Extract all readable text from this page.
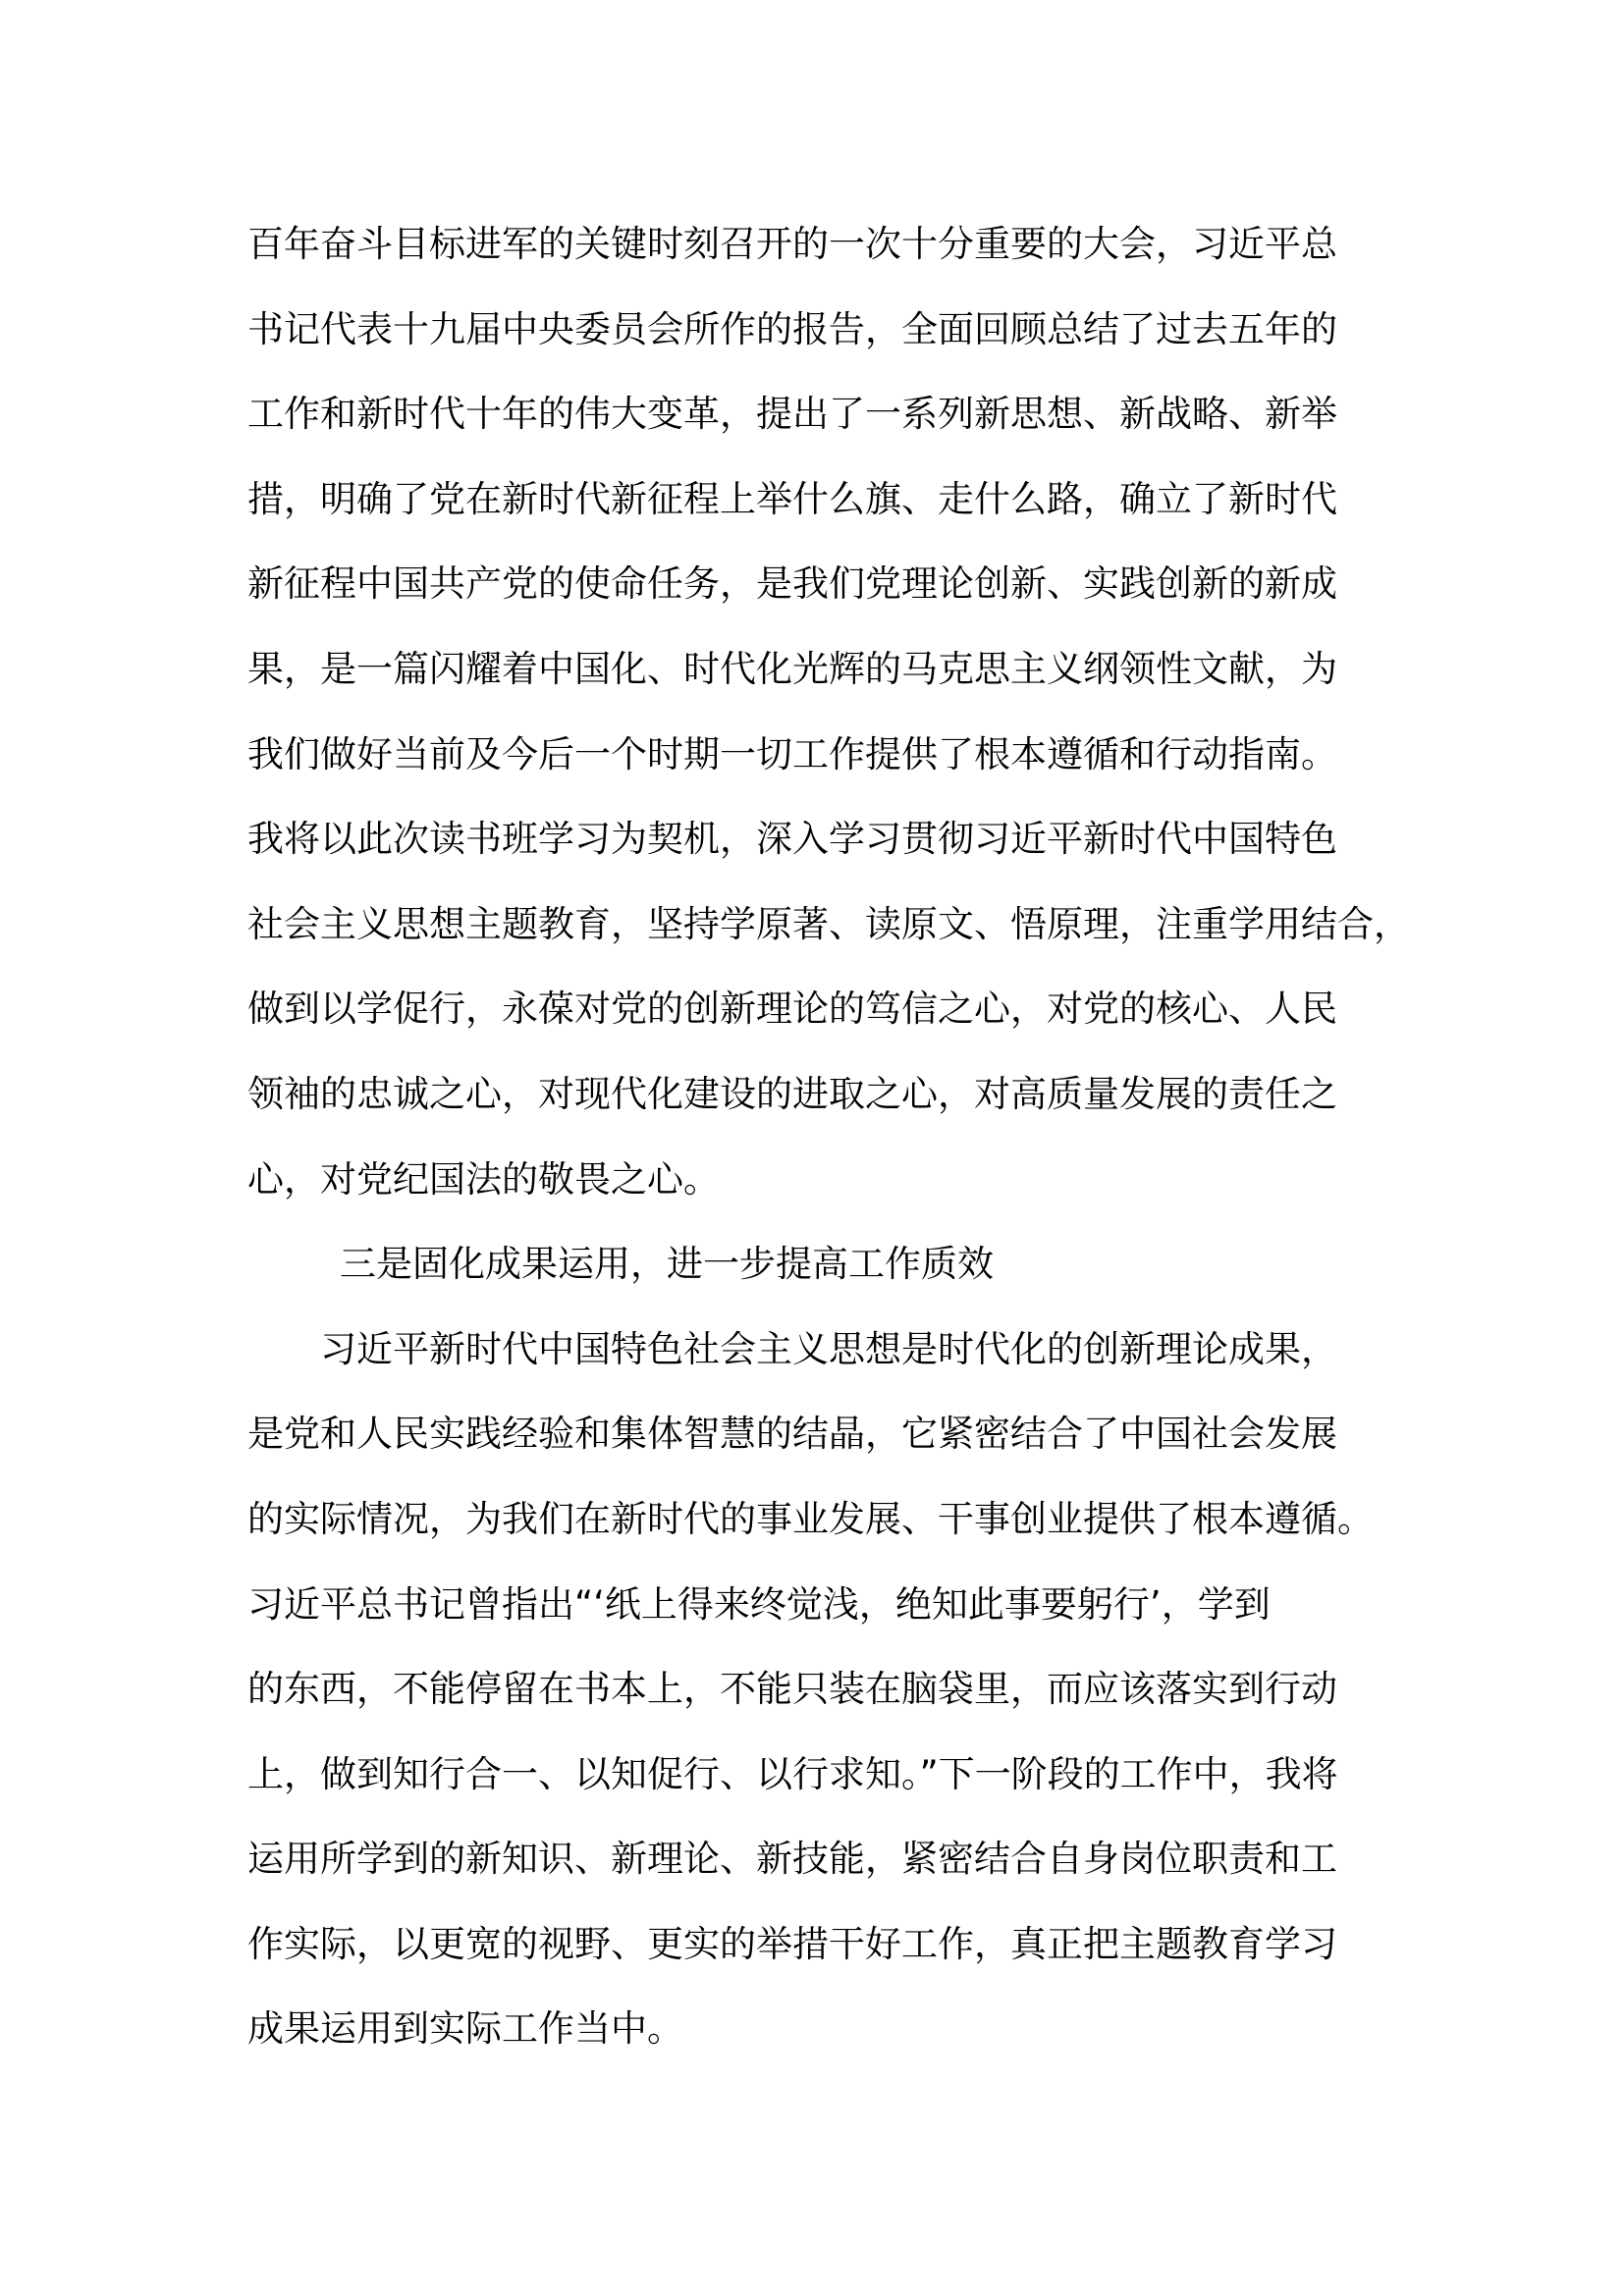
百年奋斗目标进军的关键时刻召开的一次十分重要的大会，习近平总
书记代表十九届中央委员会所作的报告，全面回顾总结了过去五年的
工作和新时代十年的伟大变革，提出了一系列新思想、新战略、新举
措，明确了党在新时代新征程上举什么旗、走什么路，确立了新时代
新征程中国共产党的使命任务，是我们党理论创新、实践创新的新成
果，是一篇闪耀着中国化、时代化光辉的马克思主义纲领性文献，为
我们做好当前及今后一个时期一切工作提供了根本遵循和行动指南。
我将以此次读书班学习为契机，深入学习贯彻习近平新时代中国特色
社会主义思想主题教育，坚持学原著、读原文、悟原理，注重学用结合，
做到以学促行，永葆对党的创新理论的笃信之心，对党的核心、人民
领袖的忠诚之心，对现代化建设的进取之心，对高质量发展的责任之
心，对党纪国法的敬畏之心。
三是固化成果运用，进一步提高工作质效
习近平新时代中国特色社会主义思想是时代化的创新理论成果，
是党和人民实践经验和集体智慧的结晶，它紧密结合了中国社会发展
的实际情况，为我们在新时代的事业发展、干事创业提供了根本遵循。
习近平总书记曾指出“‘纸上得来终觉浅，绝知此事要躬行’，学到
的东西，不能停留在书本上，不能只装在脑袋里，而应该落实到行动
上，做到知行合一、以知促行、以行求知。”下一阶段的工作中，我将
运用所学到的新知识、新理论、新技能，紧密结合自身岗位职责和工
作实际，以更宽的视野、更实的举措干好工作，真正把主题教育学习
成果运用到实际工作当中。
